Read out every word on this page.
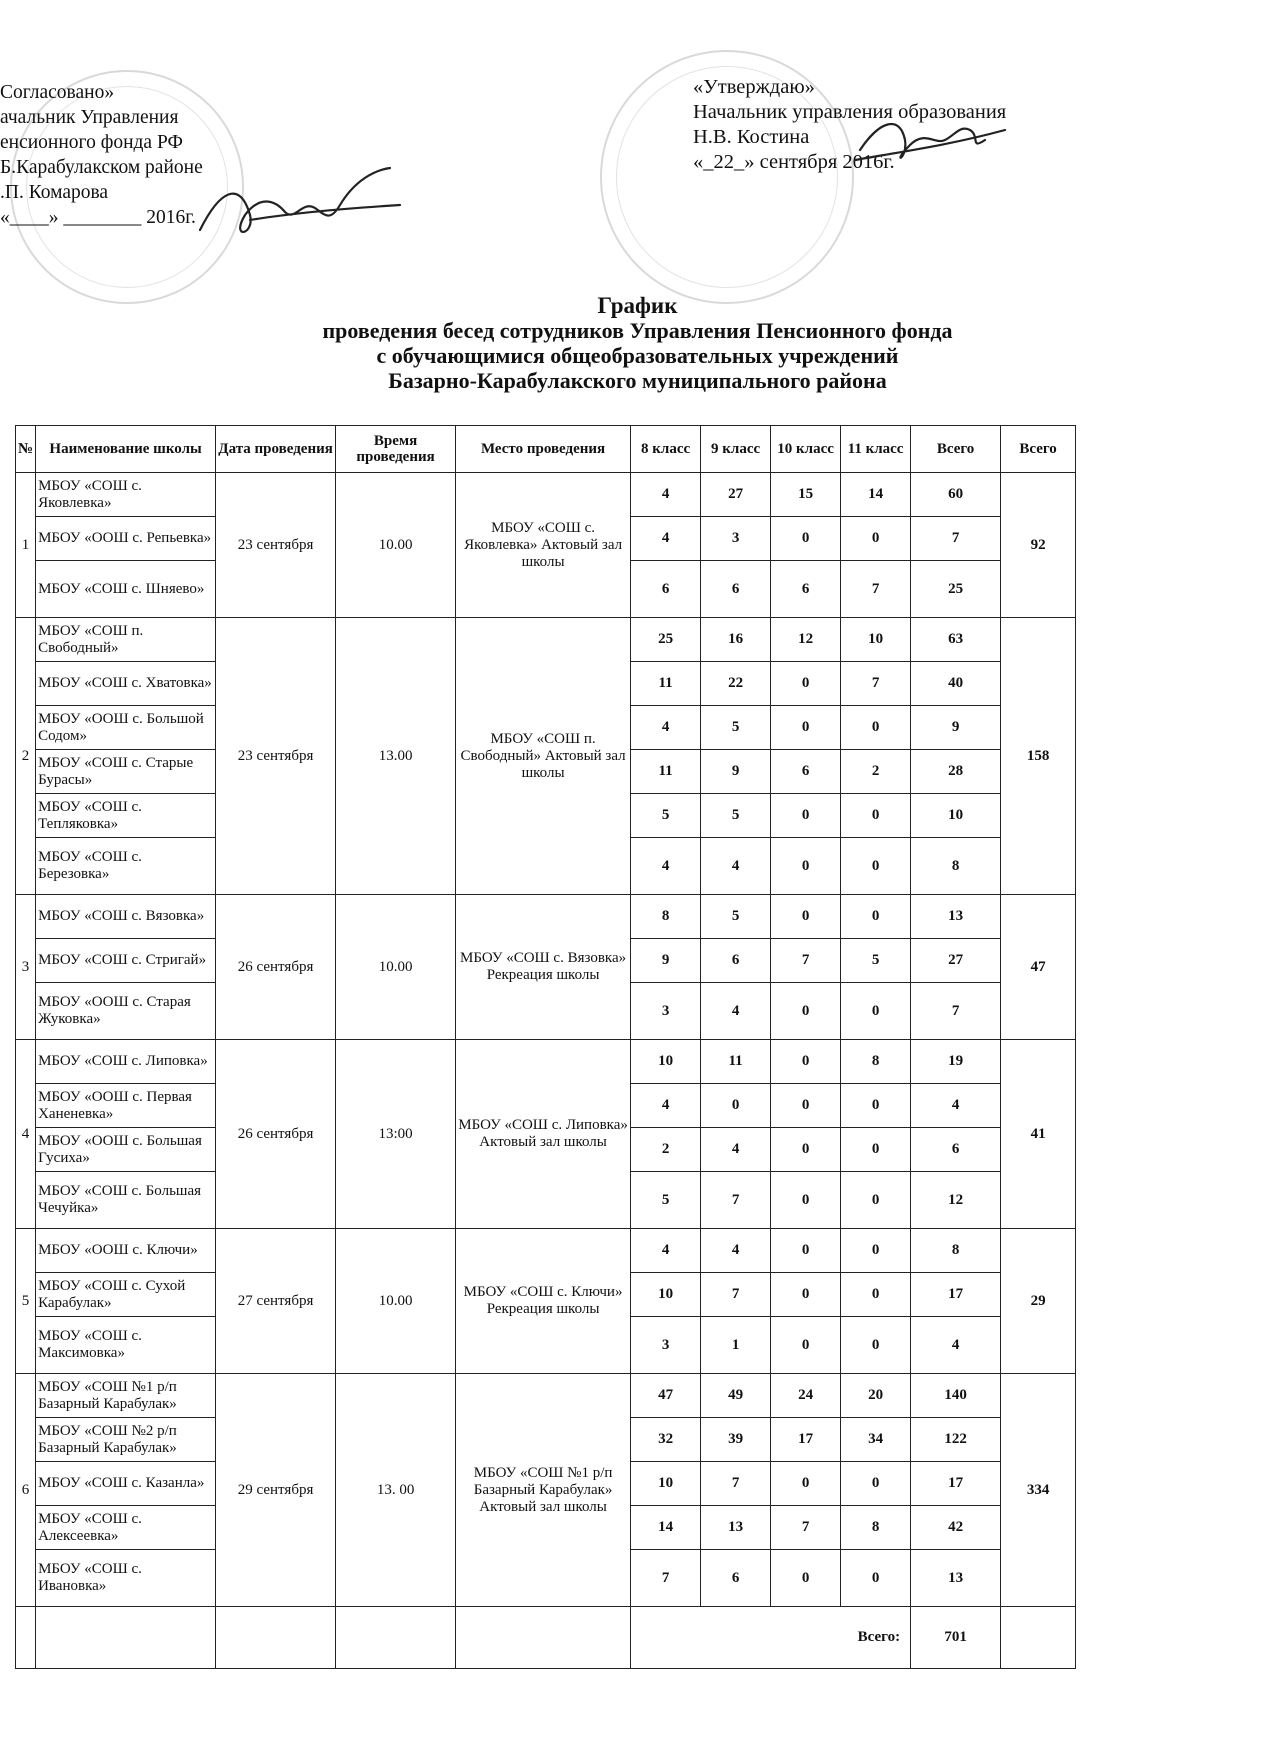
Согласовано»
ачальник Управления
енсионного фонда РФ
Б.Карабулакском районе
.П. Комарова
«____» ________ 2016г.
«Утверждаю»
Начальник управления образования
Н.В. Костина
«_22_» сентября 2016г.
График
проведения бесед сотрудников Управления Пенсионного фонда
с обучающимися общеобразовательных учреждений
Базарно-Карабулакского муниципального района
№	Наименование школы	Дата проведения	Время проведения	Место проведения	8 класс	9 класс	10 класс	11 класс	Всего	Всего
1	МБОУ «СОШ с. Яковлевка»	23 сентября	10.00	МБОУ «СОШ с. Яковлевка» Актовый зал школы	4	27	15	14	60	92
	МБОУ «ООШ с. Репьевка»				4	3	0	0	7	
	МБОУ «СОШ с. Шняево»				6	6	6	7	25	
2	МБОУ «СОШ п. Свободный»	23 сентября	13.00	МБОУ «СОШ п. Свободный» Актовый зал школы	25	16	12	10	63	158
	МБОУ «СОШ с. Хватовка»				11	22	0	7	40	
	МБОУ «ООШ с. Большой Содом»				4	5	0	0	9	
	МБОУ «СОШ с. Старые Бурасы»				11	9	6	2	28	
	МБОУ «СОШ с. Тепляковка»				5	5	0	0	10	
	МБОУ «СОШ с. Березовка»				4	4	0	0	8	
3	МБОУ «СОШ с. Вязовка»	26 сентября	10.00	МБОУ «СОШ с. Вязовка» Рекреация школы	8	5	0	0	13	47
	МБОУ «СОШ с. Стригай»				9	6	7	5	27	
	МБОУ «ООШ с. Старая Жуковка»				3	4	0	0	7	
4	МБОУ «СОШ с. Липовка»	26 сентября	13:00	МБОУ «СОШ с. Липовка» Актовый зал школы	10	11	0	8	19	41
	МБОУ «ООШ с. Первая Ханеневка»				4	0	0	0	4	
	МБОУ «ООШ с. Большая Гусиха»				2	4	0	0	6	
	МБОУ «СОШ с. Большая Чечуйка»				5	7	0	0	12	
5	МБОУ «ООШ с. Ключи»	27 сентября	10.00	МБОУ «СОШ с. Ключи» Рекреация школы	4	4	0	0	8	29
	МБОУ «СОШ с. Сухой Карабулак»				10	7	0	0	17	
	МБОУ «СОШ с. Максимовка»				3	1	0	0	4	
6	МБОУ «СОШ №1 р/п Базарный Карабулак»	29 сентября	13. 00	МБОУ «СОШ №1 р/п Базарный Карабулак» Актовый зал школы	47	49	24	20	140	334
	МБОУ «СОШ №2 р/п Базарный Карабулак»				32	39	17	34	122	
	МБОУ «СОШ с. Казанла»				10	7	0	0	17	
	МБОУ «СОШ с. Алексеевка»				14	13	7	8	42	
	МБОУ «СОШ с. Ивановка»				7	6	0	0	13	
					Всего:				701	
